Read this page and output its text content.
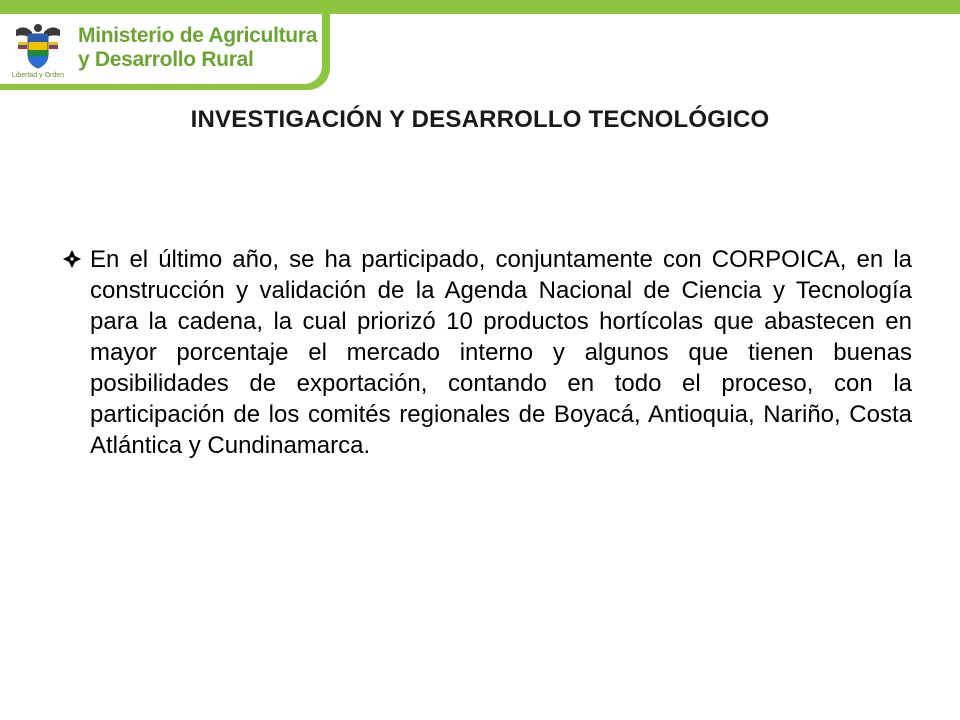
Libertad y Orden
Ministerio de Agricultura
y Desarrollo Rural
INVESTIGACIÓN Y DESARROLLO TECNOLÓGICO
En el último año, se ha participado, conjuntamente con CORPOICA, en la construcción y validación de la Agenda Nacional de Ciencia y Tecnología para la cadena, la cual priorizó 10 productos hortícolas que abastecen en mayor porcentaje el mercado interno y algunos que tienen buenas posibilidades de exportación, contando en todo el proceso, con la participación de los comités regionales de Boyacá, Antioquia, Nariño, Costa Atlántica y Cundinamarca.
